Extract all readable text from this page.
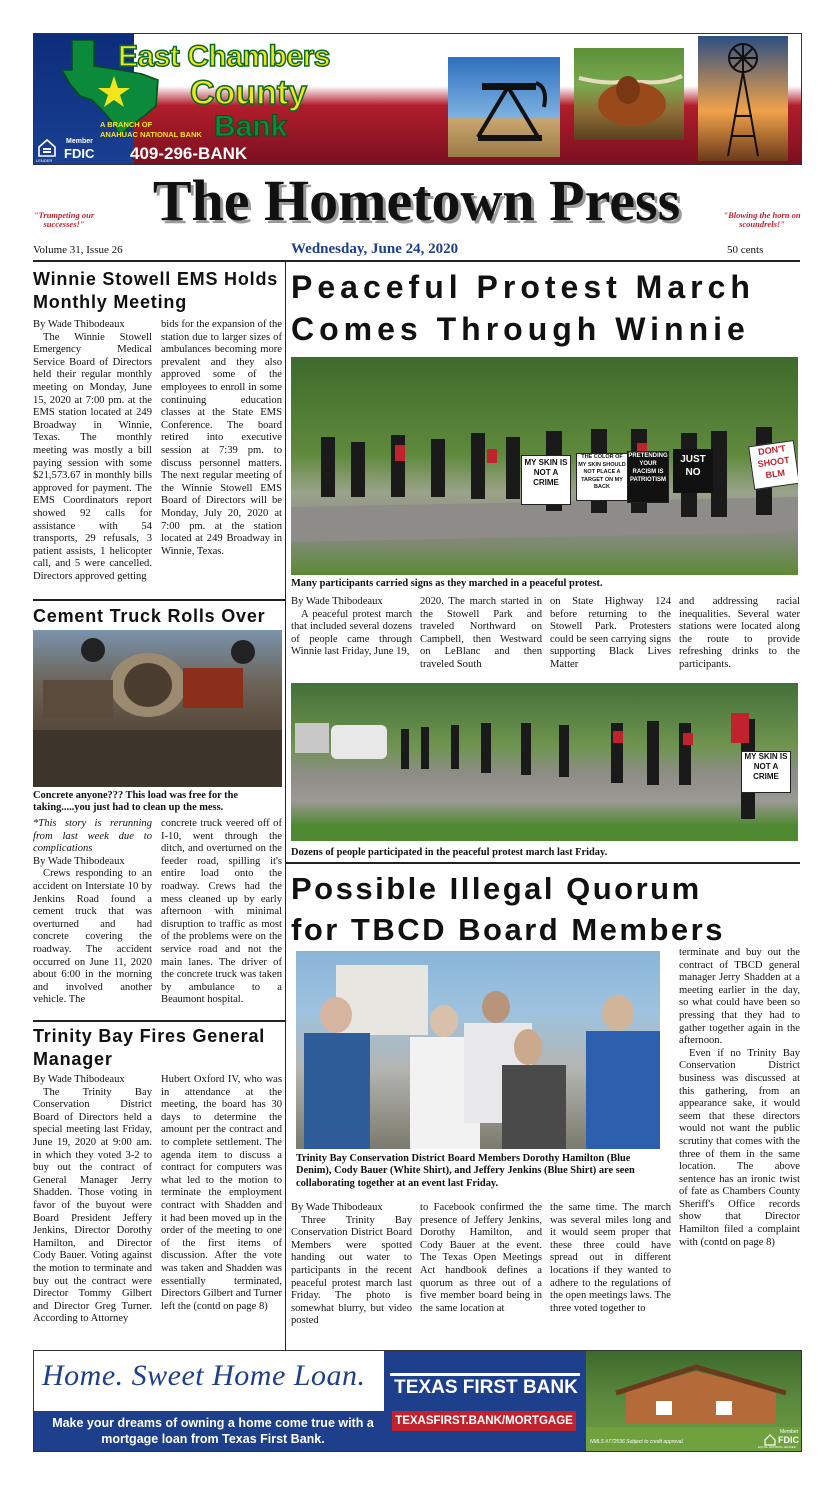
East Chambers
County
A BRANCH OF
ANAHUAC NATIONAL BANK Bank
409-296-BANK
LENDER
Member
FDIC
The Hometown Press
"Trumpeting our successes!"
"Blowing the horn on scoundrels!"
Volume 31, Issue 26	Wednesday, June 24, 2020	50 cents
Winnie Stowell EMS Holds Monthly Meeting

By Wade Thibodeaux

The Winnie Stowell Emergency Medical Service Board of Directors held their regular monthly meeting on Monday, June 15, 2020 at 7:00 pm. at the EMS station located at 249 Broadway in Winnie, Texas. The monthly meeting was mostly a bill paying session with some $21,573.67 in monthly bills approved for payment. The EMS Coordinators report showed 92 calls for assistance with 54 transports, 29 refusals, 3 patient assists, 1 helicopter call, and 5 were cancelled. Directors approved getting

bids for the expansion of the station due to larger sizes of ambulances becoming more prevalent and they also approved some of the employees to enroll in some continuing education classes at the State EMS Conference. The board retired into executive session at 7:39 pm. to discuss personnel matters. The next regular meeting of the Winnie Stowell EMS Board of Directors will be Monday, July 20, 2020 at 7:00 pm. at the station located at 249 Broadway in Winnie, Texas.

Cement Truck Rolls Over
Concrete anyone??? This load was free for the taking.....you just had to clean up the mess.

*This story is rerunning from last week due to complications

By Wade Thibodeaux

Crews responding to an accident on Interstate 10 by Jenkins Road found a cement truck that was overturned and had concrete covering the roadway. The accident occurred on June 11, 2020 about 6:00 in the morning and involved another vehicle. The

concrete truck veered off of I-10, went through the ditch, and overturned on the feeder road, spilling it's entire load onto the roadway. Crews had the mess cleaned up by early afternoon with minimal disruption to traffic as most of the problems were on the service road and not the main lanes. The driver of the concrete truck was taken by ambulance to a Beaumont hospital.

Trinity Bay Fires General Manager

By Wade Thibodeaux

The Trinity Bay Conservation District Board of Directors held a special meeting last Friday, June 19, 2020 at 9:00 am. in which they voted 3-2 to buy out the contract of General Manager Jerry Shadden. Those voting in favor of the buyout were Board President Jeffery Jenkins, Director Dorothy Hamilton, and Director Cody Bauer. Voting against the motion to terminate and buy out the contract were Director Tommy Gilbert and Director Greg Turner. According to Attorney

Hubert Oxford IV, who was in attendance at the meeting, the board has 30 days to determine the amount per the contract and to complete settlement. The agenda item to discuss a contract for computers was what led to the motion to terminate the employment contract with Shadden and it had been moved up in the order of the meeting to one of the first items of discussion. After the vote was taken and Shadden was essentially terminated, Directors Gilbert and Turner left the (contd on page 8)

Peaceful Protest March Comes Through Winnie
MY SKIN IS NOT A CRIME
THE COLOR OF MY SKIN SHOULD NOT PLACE A TARGET ON MY BACK
PRETENDING YOUR RACISM IS PATRIOTISM
JUST NO
DON'T SHOOT BLM
Many participants carried signs as they marched in a peaceful protest.

By Wade Thibodeaux

A peaceful protest march that included several dozens of people came through Winnie last Friday, June 19,

2020. The march started in the Stowell Park and traveled Northward on Campbell, then Westward on LeBlanc and then traveled South

on State Highway 124 before returning to the Stowell Park. Protesters could be seen carrying signs supporting Black Lives Matter

and addressing racial inequalities. Several water stations were located along the route to provide refreshing drinks to the participants.

MY SKIN IS NOT A CRIME
Dozens of people participated in the peaceful protest march last Friday.
Possible Illegal Quorum for TBCD Board Members
Trinity Bay Conservation District Board Members Dorothy Hamilton (Blue Denim), Cody Bauer (White Shirt), and Jeffery Jenkins (Blue Shirt) are seen collaborating together at an event last Friday.

By Wade Thibodeaux

Three Trinity Bay Conservation District Board Members were spotted handing out water to participants in the recent peaceful protest march last Friday. The photo is somewhat blurry, but video posted

to Facebook confirmed the presence of Jeffery Jenkins, Dorothy Hamilton, and Cody Bauer at the event. The Texas Open Meetings Act handbook defines a quorum as three out of a five member board being in the same location at

the same time. The march was several miles long and it would seem proper that these three could have spread out in different locations if they wanted to adhere to the regulations of the open meetings laws. The three voted together to

terminate and buy out the contract of TBCD general manager Jerry Shadden at a meeting earlier in the day, so what could have been so pressing that they had to gather together again in the afternoon.

Even if no Trinity Bay Conservation District business was discussed at this gathering, from an appearance sake, it would seem that these directors would not want the public scrutiny that comes with the three of them in the same location. The above sentence has an ironic twist of fate as Chambers County Sheriff's Office records show that Director Hamilton filed a complaint with (contd on page 8)

Home. Sweet Home Loan.
Make your dreams of owning a home come true with a mortgage loan from Texas First Bank.
TEXAS FIRST BANK
TEXASFIRST.BANK/MORTGAGE
NMLS #772536 Subject to credit approval.
EQUAL HOUSING LENDER
Member
FDIC
